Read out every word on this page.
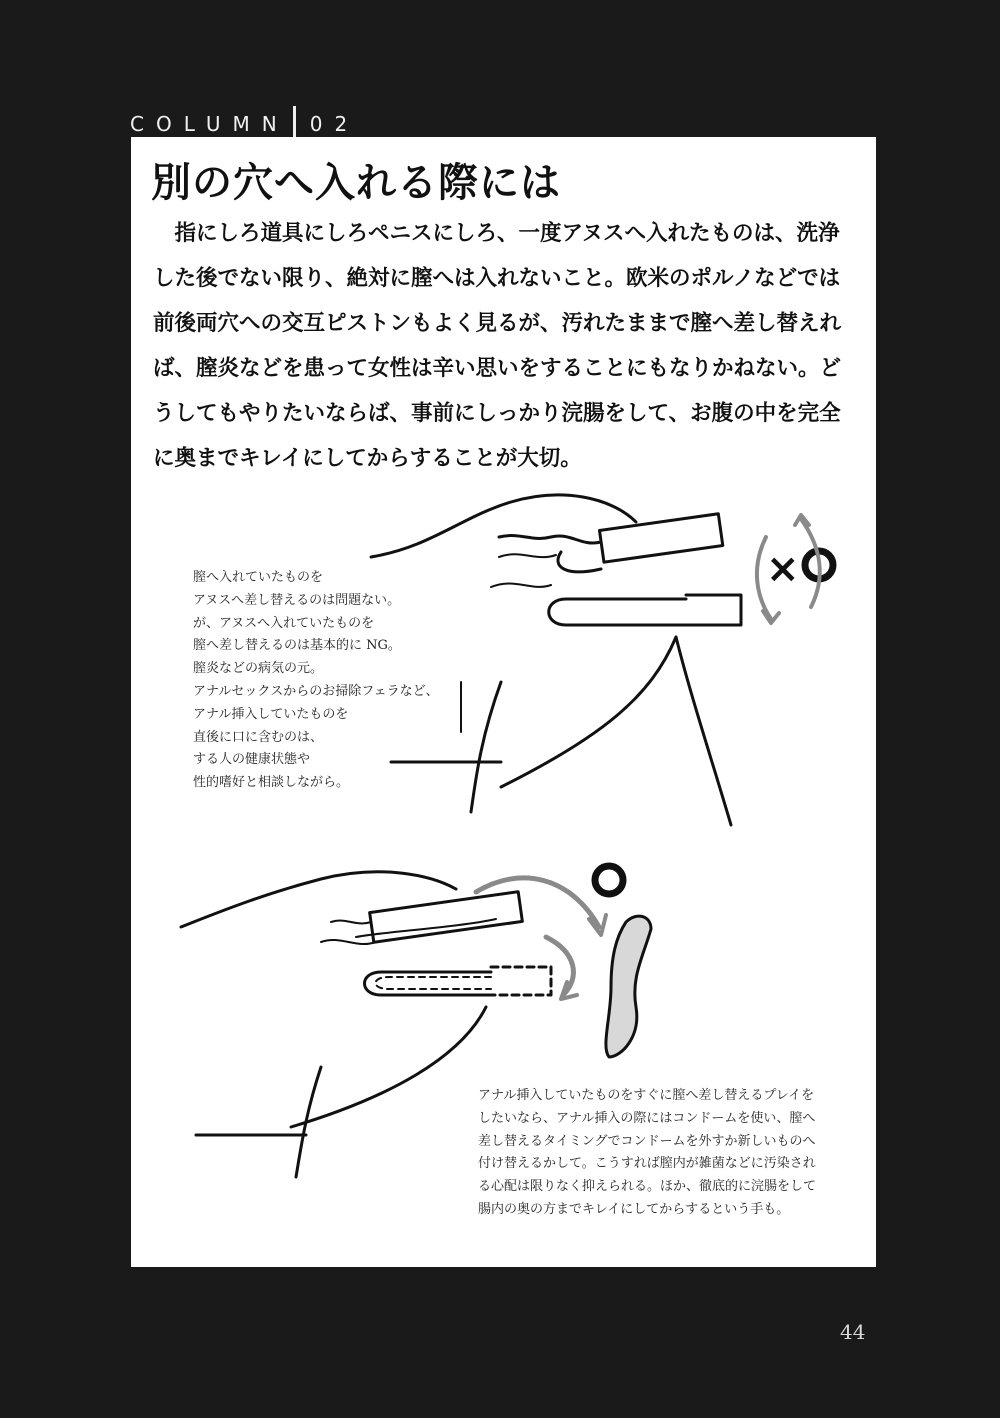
COLUMN 02
別の穴へ入れる際には
指にしろ道具にしろペニスにしろ、一度アヌスへ入れたものは、洗浄した後でない限り、絶対に膣へは入れないこと。欧米のポルノなどでは前後両穴への交互ピストンもよく見るが、汚れたままで膣へ差し替えれば、膣炎などを患って女性は辛い思いをすることにもなりかねない。どうしてもやりたいならば、事前にしっかり浣腸をして、お腹の中を完全に奥までキレイにしてからすることが大切。
×
膣へ入れていたものを
アヌスへ差し替えるのは問題ない。
が、アヌスへ入れていたものを
膣へ差し替えるのは基本的に NG。
膣炎などの病気の元。
アナルセックスからのお掃除フェラなど、
アナル挿入していたものを
直後に口に含むのは、
する人の健康状態や
性的嗜好と相談しながら。
アナル挿入していたものをすぐに膣へ差し替えるプレイをしたいなら、アナル挿入の際にはコンドームを使い、膣へ差し替えるタイミングでコンドームを外すか新しいものへ付け替えるかして。こうすれば膣内が雑菌などに汚染される心配は限りなく抑えられる。ほか、徹底的に浣腸をして腸内の奥の方までキレイにしてからするという手も。
44
